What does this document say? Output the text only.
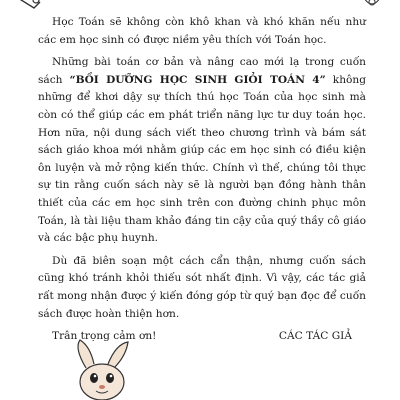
Học Toán sẽ không còn khô khan và khó khăn nếu như các em học sinh có được niềm yêu thích với Toán học.

Những bài toán cơ bản và nâng cao mới lạ trong cuốn sách “BỒI DƯỠNG HỌC SINH GIỎI TOÁN 4” không những để khơi dậy sự thích thú học Toán của học sinh mà còn có thể giúp các em phát triển năng lực tư duy toán học. Hơn nữa, nội dung sách viết theo chương trình và bám sát sách giáo khoa mới nhằm giúp các em học sinh có điều kiện ôn luyện và mở rộng kiến thức. Chính vì thế, chúng tôi thực sự tin rằng cuốn sách này sẽ là người bạn đồng hành thân thiết của các em học sinh trên con đường chinh phục môn Toán, là tài liệu tham khảo đáng tin cậy của quý thầy cô giáo và các bậc phụ huynh.

Dù đã biên soạn một cách cẩn thận, nhưng cuốn sách cũng khó tránh khỏi thiếu sót nhất định. Vì vậy, các tác giả rất mong nhận được ý kiến đóng góp từ quý bạn đọc để cuốn sách được hoàn thiện hơn.

Trân trọng cảm ơn!	CÁC TÁC GIẢ
